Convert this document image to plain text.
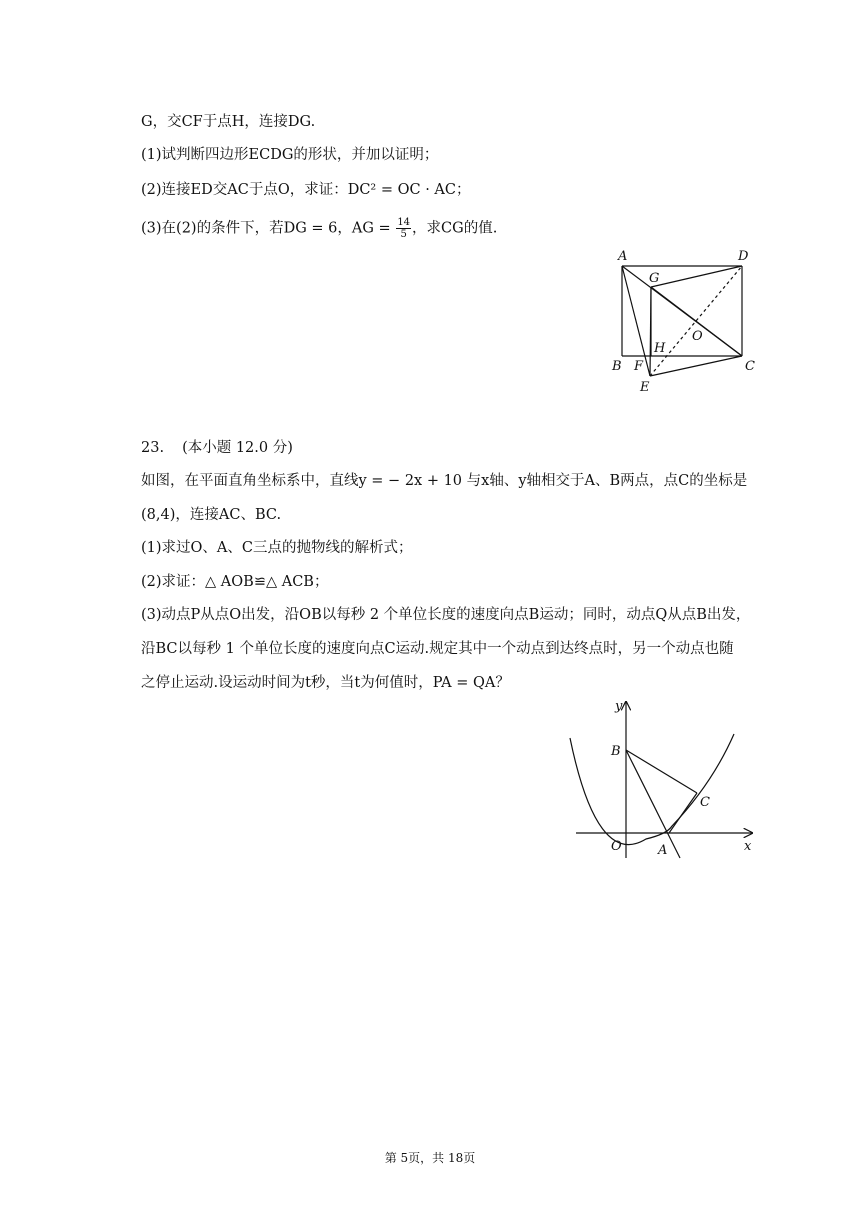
G，交CF于点H，连接DG.
(1)试判断四边形ECDG的形状，并加以证明；
(2)连接ED交AC于点O，求证：DC² = OC · AC；
(3)在(2)的条件下，若DG = 6，AG = $\frac{14}{5}$ ，求CG的值.
A	D
G
O
H
B F	C
E
23. (本小题 12.0 分)
如图，在平面直角坐标系中，直线y = − 2x + 10 与x轴、y轴相交于A、B两点，点C的坐标是
(8,4)，连接AC、BC.
(1)求过O、A、C三点的抛物线的解析式；
(2)求证：△ AOB≌△ ACB；
(3)动点P从点O出发，沿OB以每秒 2 个单位长度的速度向点B运动；同时，动点Q从点B出发，
沿BC以每秒 1 个单位长度的速度向点C运动.规定其中一个动点到达终点时，另一个动点也随
之停止运动.设运动时间为t秒，当t为何值时，PA = QA？
y
B
C
O	A	x
第 5页，共 18页
